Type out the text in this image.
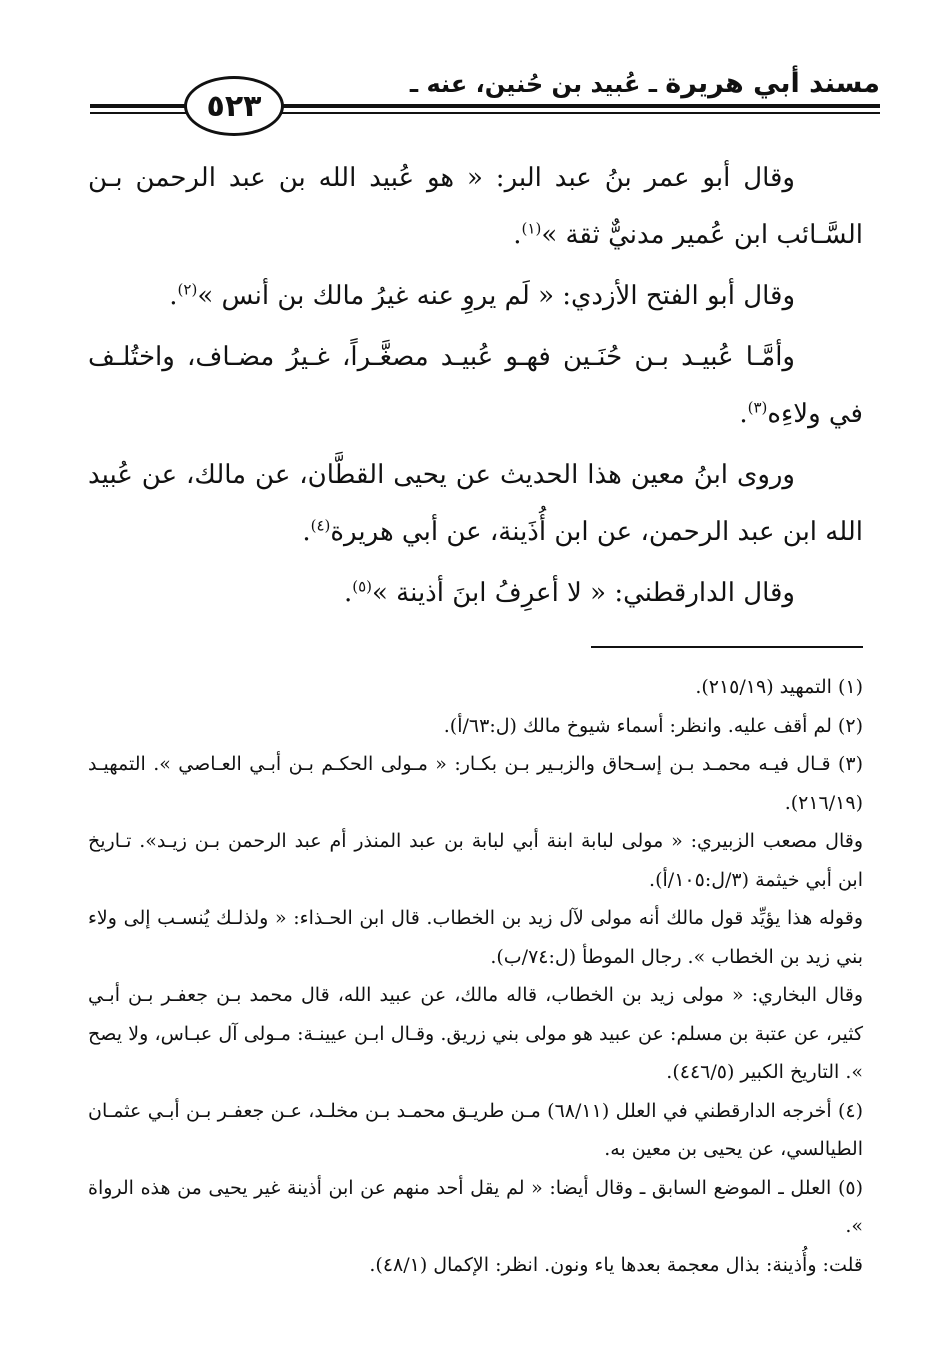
مسند أبي هريرة ـ عُبيد بن حُنين، عنه ـ
٥٢٣

وقال أبو عمر بنُ عبد البر: « هو عُبيد الله بن عبد الرحمن بـن السَّـائب ابن عُمير مدنيٌّ ثقة »$^{(١)}$.

وقال أبو الفتح الأزدي: « لَم يروِ عنه غيرُ مالك بن أنس »$^{(٢)}$.

وأمَّـا عُبيـد بـن حُنَـين فهـو عُبيـد مصغَّـراً، غـيرُ مضـاف، واختُلـف في ولاءِه$^{(٣)}$.

وروى ابنُ معين هذا الحديث عن يحيى القطَّان، عن مالك، عن عُبيد الله ابن عبد الرحمن، عن ابن أُذَينة، عن أبي هريرة$^{(٤)}$.

وقال الدارقطني: « لا أعرِفُ ابنَ أذينة »$^{(٥)}$.

(١) التمهيد (٢١٥/١٩).

(٢) لم أقف عليه. وانظر: أسماء شيوخ مالك (ل:٦٣/أ).

(٣) قـال فيـه محمـد بـن إسـحاق والزبـير بـن بكـار: « مـولى الحكـم بـن أبـي العـاصي ». التمهيـد (٢١٦/١٩).

وقال مصعب الزبيري: « مولى لبابة ابنة أبي لبابة بن عبد المنذر أم عبد الرحمن بـن زيـد». تـاريخ ابن أبي خيثمة (٣/ل:١٠٥/أ).

وقوله هذا يؤيِّد قول مالك أنه مولى لآل زيد بن الخطاب. قال ابن الحـذاء: « ولذلـك يُنسـب إلى ولاء بني زيد بن الخطاب ». رجال الموطأ (ل:٧٤/ب).

وقال البخاري: « مولى زيد بن الخطاب، قاله مالك، عن عبيد الله، قال محمد بـن جعفـر بـن أبـي كثير، عن عتبة بن مسلم: عن عبيد هو مولى بني زريق. وقـال ابـن عيينـة: مـولى آل عبـاس، ولا يصح ». التاريخ الكبير (٤٤٦/٥).

(٤) أخرجه الدارقطني في العلل (٦٨/١١) مـن طريـق محمـد بـن مخلـد، عـن جعفـر بـن أبـي عثمـان الطيالسي، عن يحيى بن معين به.

(٥) العلل ـ الموضع السابق ـ وقال أيضا: « لم يقل أحد منهم عن ابن أذينة غير يحيى من هذه الرواة ».

قلت: وأُذينة: بذال معجمة بعدها ياء ونون. انظر: الإكمال (٤٨/١).
